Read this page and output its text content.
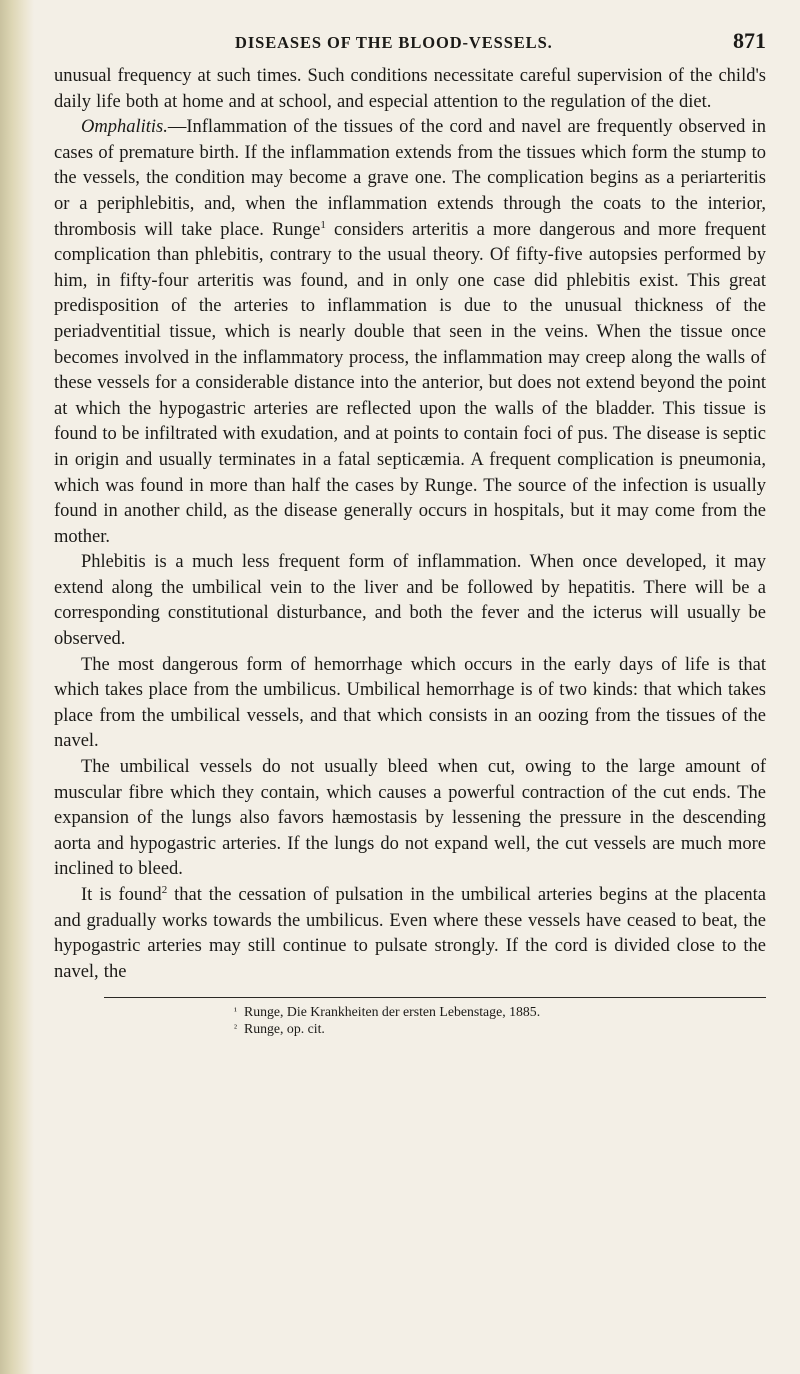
DISEASES OF THE BLOOD-VESSELS.	871

unusual frequency at such times. Such conditions necessitate careful supervision of the child's daily life both at home and at school, and especial attention to the regulation of the diet.

Omphalitis.—Inflammation of the tissues of the cord and navel are frequently observed in cases of premature birth. If the inflammation extends from the tissues which form the stump to the vessels, the condition may become a grave one. The complication begins as a periarteritis or a periphlebitis, and, when the inflammation extends through the coats to the interior, thrombosis will take place. Runge$^1$ considers arteritis a more dangerous and more frequent complication than phlebitis, contrary to the usual theory. Of fifty-five autopsies performed by him, in fifty-four arteritis was found, and in only one case did phlebitis exist. This great predisposition of the arteries to inflammation is due to the unusual thickness of the periadventitial tissue, which is nearly double that seen in the veins. When the tissue once becomes involved in the inflammatory process, the inflammation may creep along the walls of these vessels for a considerable distance into the anterior, but does not extend beyond the point at which the hypogastric arteries are reflected upon the walls of the bladder. This tissue is found to be infiltrated with exudation, and at points to contain foci of pus. The disease is septic in origin and usually terminates in a fatal septicæmia. A frequent complication is pneumonia, which was found in more than half the cases by Runge. The source of the infection is usually found in another child, as the disease generally occurs in hospitals, but it may come from the mother.

Phlebitis is a much less frequent form of inflammation. When once developed, it may extend along the umbilical vein to the liver and be followed by hepatitis. There will be a corresponding constitutional disturbance, and both the fever and the icterus will usually be observed.

The most dangerous form of hemorrhage which occurs in the early days of life is that which takes place from the umbilicus. Umbilical hemorrhage is of two kinds: that which takes place from the umbilical vessels, and that which consists in an oozing from the tissues of the navel.

The umbilical vessels do not usually bleed when cut, owing to the large amount of muscular fibre which they contain, which causes a powerful contraction of the cut ends. The expansion of the lungs also favors hæmostasis by lessening the pressure in the descending aorta and hypogastric arteries. If the lungs do not expand well, the cut vessels are much more inclined to bleed.

It is found$^2$ that the cessation of pulsation in the umbilical arteries begins at the placenta and gradually works towards the umbilicus. Even where these vessels have ceased to beat, the hypogastric arteries may still continue to pulsate strongly. If the cord is divided close to the navel, the

¹ Runge, Die Krankheiten der ersten Lebenstage, 1885.
² Runge, op. cit.
